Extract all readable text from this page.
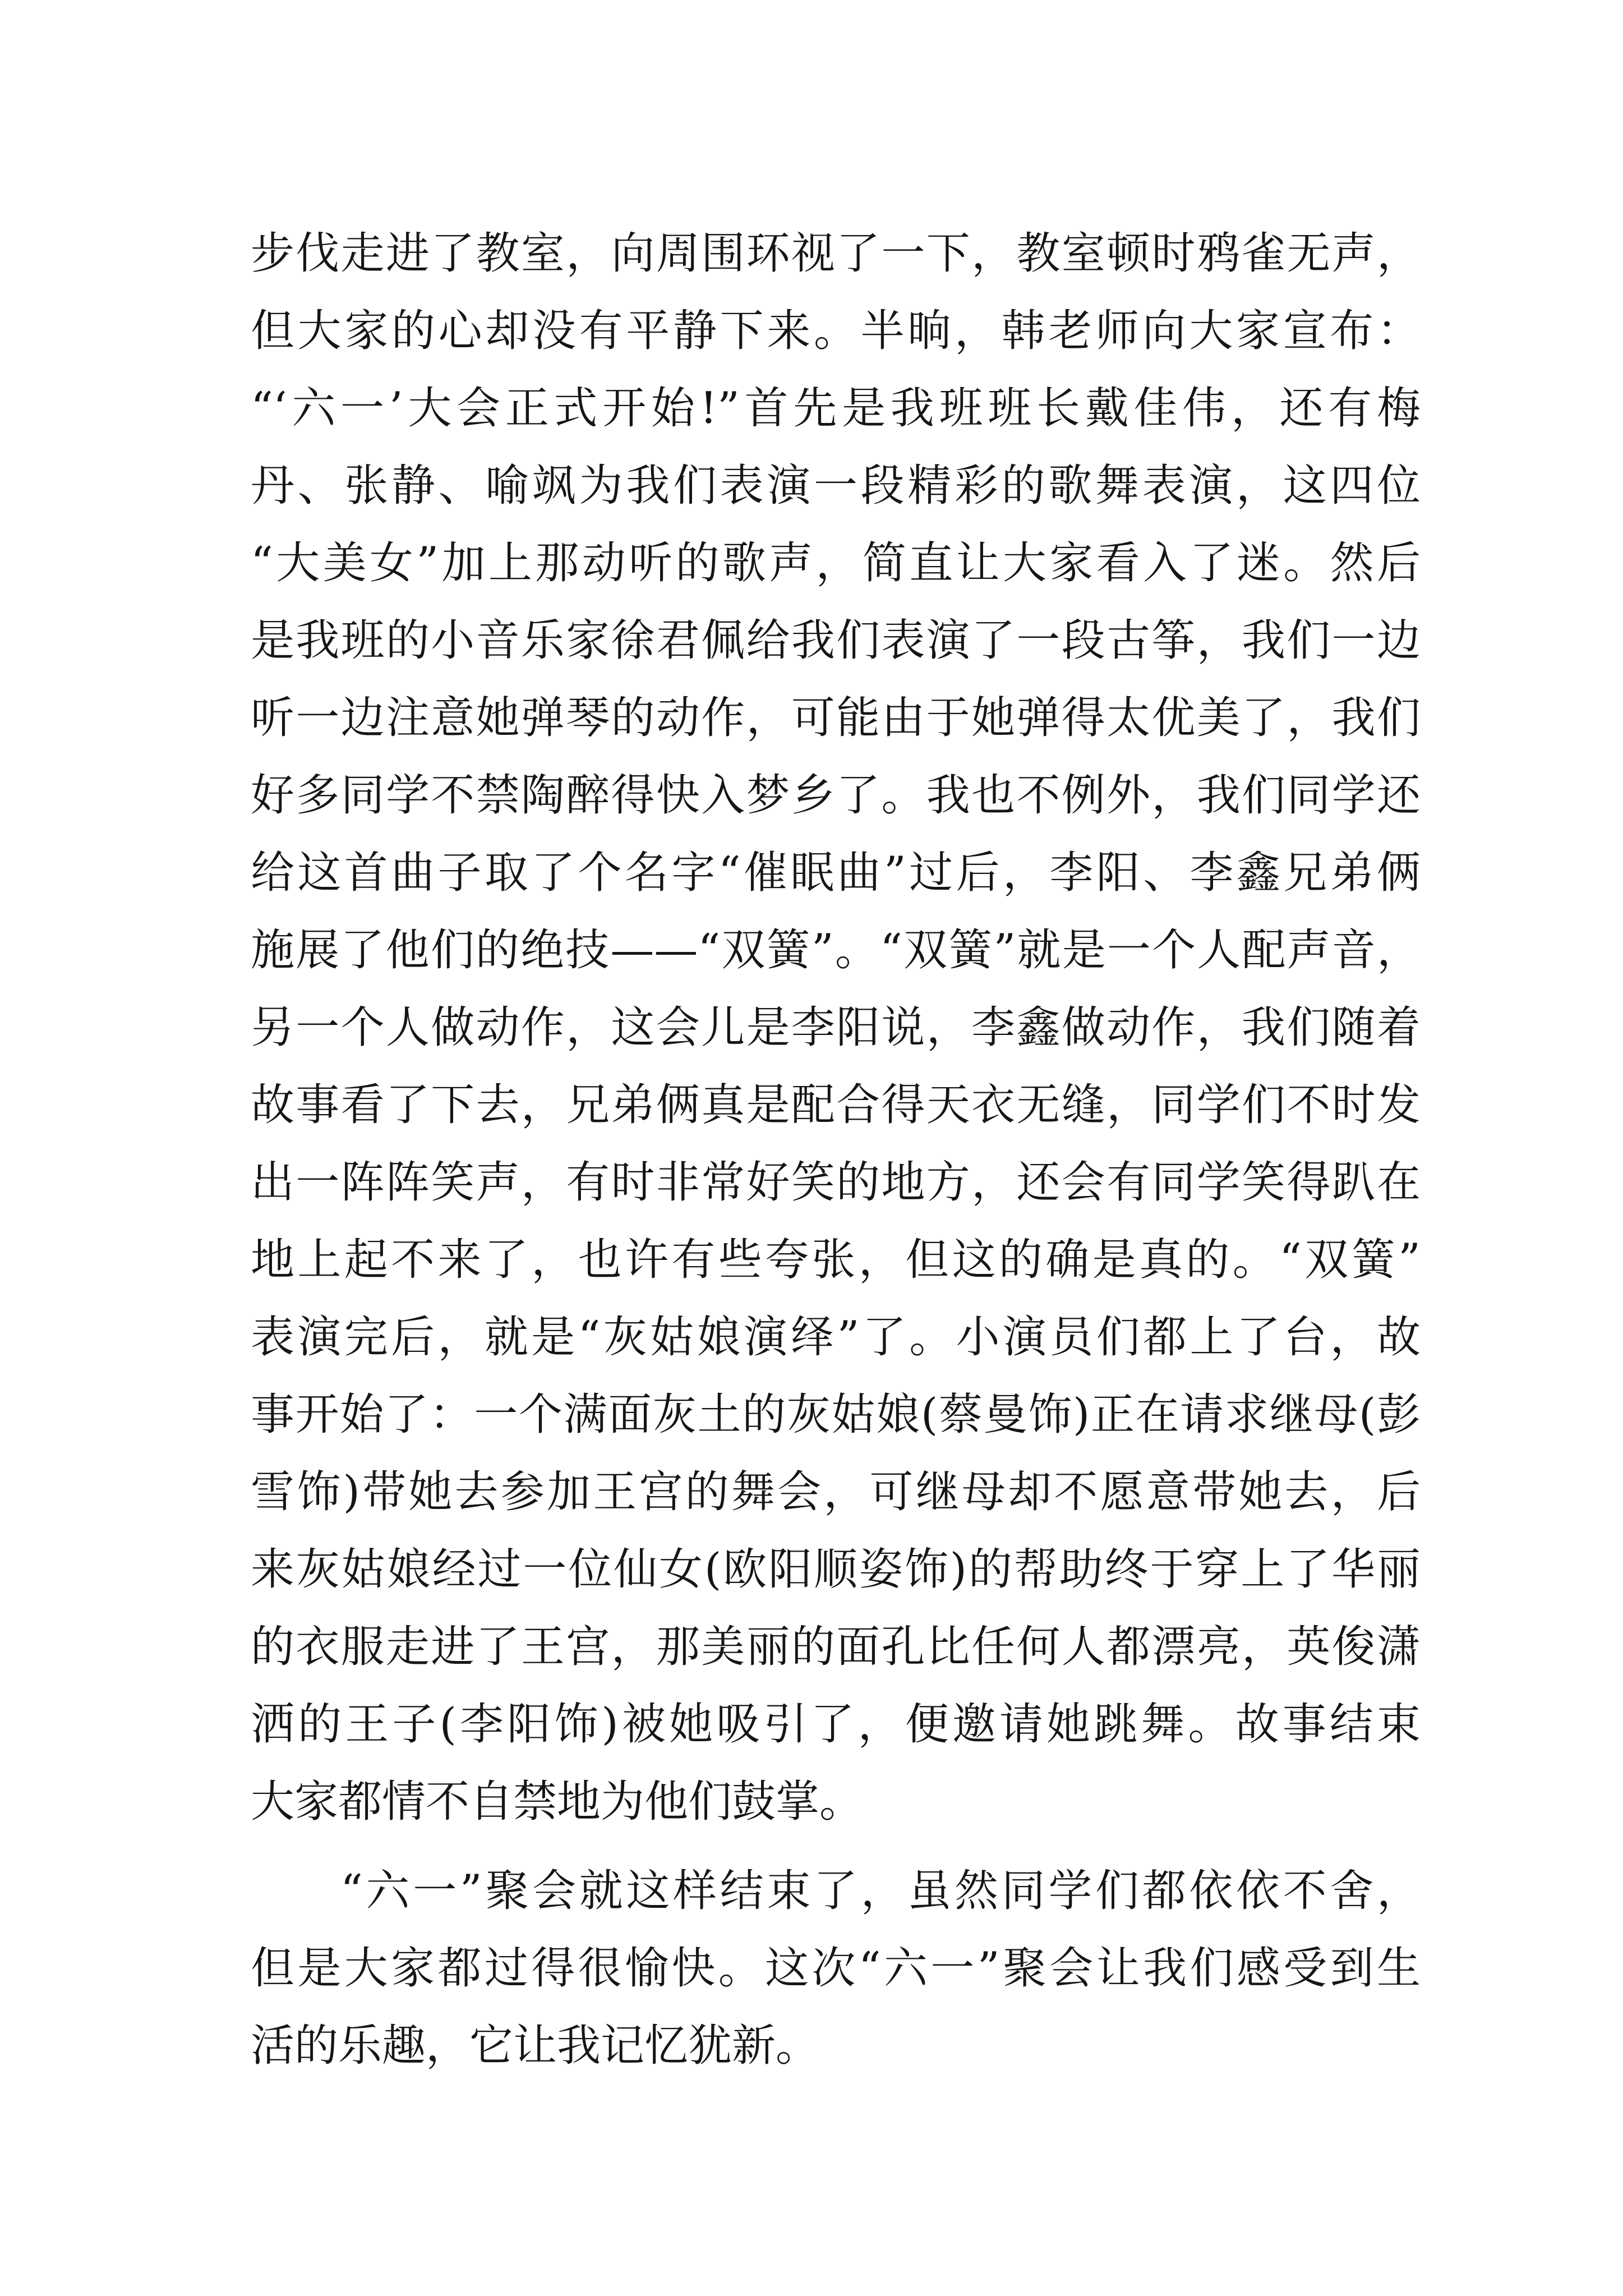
步伐走进了教室，向周围环视了一下，教室顿时鸦雀无声，
但大家的心却没有平静下来。半晌，韩老师向大家宣布：
“‘六一’大会正式开始!”首先是我班班长戴佳伟，还有梅
丹、张静、喻飒为我们表演一段精彩的歌舞表演，这四位
“大美女”加上那动听的歌声，简直让大家看入了迷。然后
是我班的小音乐家徐君佩给我们表演了一段古筝，我们一边
听一边注意她弹琴的动作，可能由于她弹得太优美了，我们
好多同学不禁陶醉得快入梦乡了。我也不例外，我们同学还
给这首曲子取了个名字“催眠曲”过后，李阳、李鑫兄弟俩
施展了他们的绝技——“双簧”。“双簧”就是一个人配声音，
另一个人做动作，这会儿是李阳说，李鑫做动作，我们随着
故事看了下去，兄弟俩真是配合得天衣无缝，同学们不时发
出一阵阵笑声，有时非常好笑的地方，还会有同学笑得趴在
地上起不来了，也许有些夸张，但这的确是真的。“双簧”
表演完后，就是“灰姑娘演绎”了。小演员们都上了台，故
事开始了：一个满面灰土的灰姑娘(蔡曼饰)正在请求继母(彭
雪饰)带她去参加王宫的舞会，可继母却不愿意带她去，后
来灰姑娘经过一位仙女(欧阳顺姿饰)的帮助终于穿上了华丽
的衣服走进了王宫，那美丽的面孔比任何人都漂亮，英俊潇
洒的王子(李阳饰)被她吸引了，便邀请她跳舞。故事结束
大家都情不自禁地为他们鼓掌。
“六一”聚会就这样结束了，虽然同学们都依依不舍，
但是大家都过得很愉快。这次“六一”聚会让我们感受到生
活的乐趣，它让我记忆犹新。
